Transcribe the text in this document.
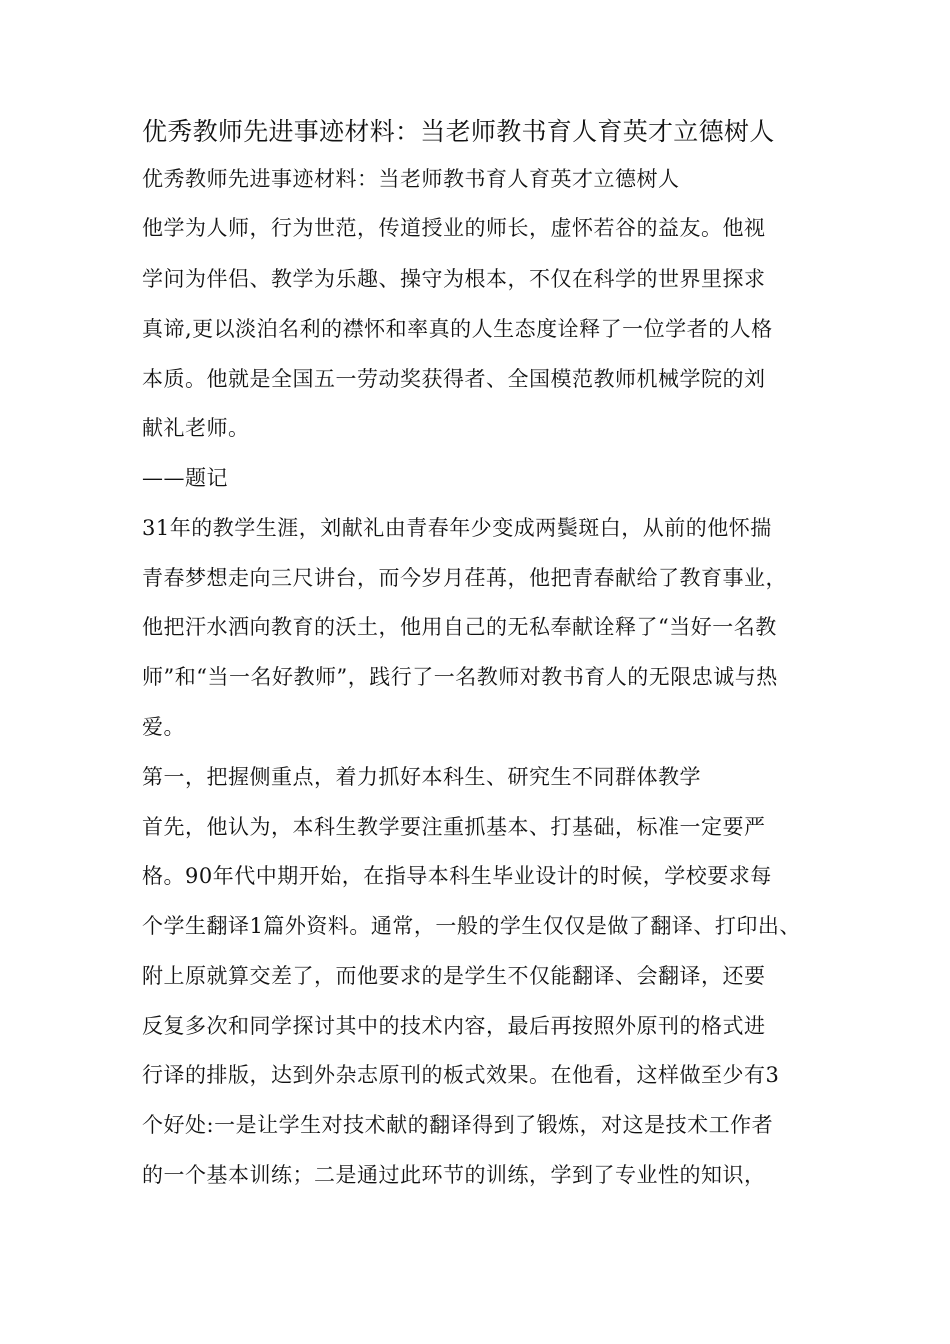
优秀教师先进事迹材料：当老师教书育人育英才立德树人
优秀教师先进事迹材料：当老师教书育人育英才立德树人
他学为人师，行为世范，传道授业的师长，虚怀若谷的益友。他视
学问为伴侣、教学为乐趣、操守为根本，不仅在科学的世界里探求
真谛,更以淡泊名利的襟怀和率真的人生态度诠释了一位学者的人格
本质。他就是全国五一劳动奖获得者、全国模范教师机械学院的刘
献礼老师。
——题记
31年的教学生涯，刘献礼由青春年少变成两鬓斑白，从前的他怀揣
青春梦想走向三尺讲台，而今岁月荏苒，他把青春献给了教育事业，
他把汗水洒向教育的沃土，他用自己的无私奉献诠释了“当好一名教
师”和“当一名好教师”，践行了一名教师对教书育人的无限忠诚与热
爱。
第一，把握侧重点，着力抓好本科生、研究生不同群体教学
首先，他认为，本科生教学要注重抓基本、打基础，标准一定要严
格。90年代中期开始，在指导本科生毕业设计的时候，学校要求每
个学生翻译1篇外资料。通常，一般的学生仅仅是做了翻译、打印出、
附上原就算交差了，而他要求的是学生不仅能翻译、会翻译，还要
反复多次和同学探讨其中的技术内容，最后再按照外原刊的格式进
行译的排版，达到外杂志原刊的板式效果。在他看，这样做至少有3
个好处:一是让学生对技术献的翻译得到了锻炼，对这是技术工作者
的一个基本训练；二是通过此环节的训练，学到了专业性的知识，
